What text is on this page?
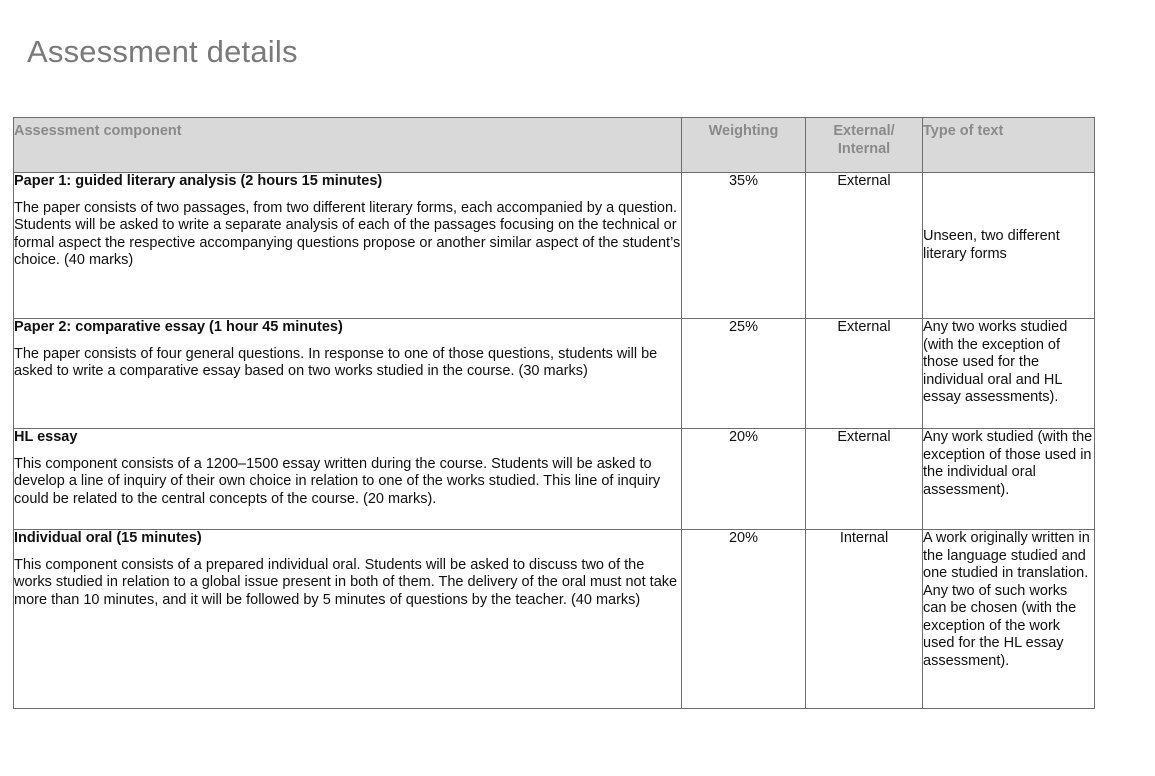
Assessment details
Assessment component	Weighting	External/ Internal	Type of text

Paper 1: guided literary analysis (2 hours 15 minutes)
The paper consists of two passages, from two different literary forms, each accompanied by a question. Students will be asked to write a separate analysis of each of the passages focusing on the technical or formal aspect the respective accompanying questions propose or another similar aspect of the student’s choice. (40 marks)	35%	External	Unseen, two different literary forms

Paper 2: comparative essay (1 hour 45 minutes)
The paper consists of four general questions. In response to one of those questions, students will be asked to write a comparative essay based on two works studied in the course. (30 marks)	25%	External	Any two works studied (with the exception of those used for the individual oral and HL essay assessments).

HL essay
This component consists of a 1200–1500 essay written during the course. Students will be asked to develop a line of inquiry of their own choice in relation to one of the works studied. This line of inquiry could be related to the central concepts of the course. (20 marks).	20%	External	Any work studied (with the exception of those used in the individual oral assessment).

Individual oral (15 minutes)
This component consists of a prepared individual oral. Students will be asked to discuss two of the works studied in relation to a global issue present in both of them. The delivery of the oral must not take more than 10 minutes, and it will be followed by 5 minutes of questions by the teacher. (40 marks)	20%	Internal	A work originally written in the language studied and one studied in translation. Any two of such works can be chosen (with the exception of the work used for the HL essay assessment).
